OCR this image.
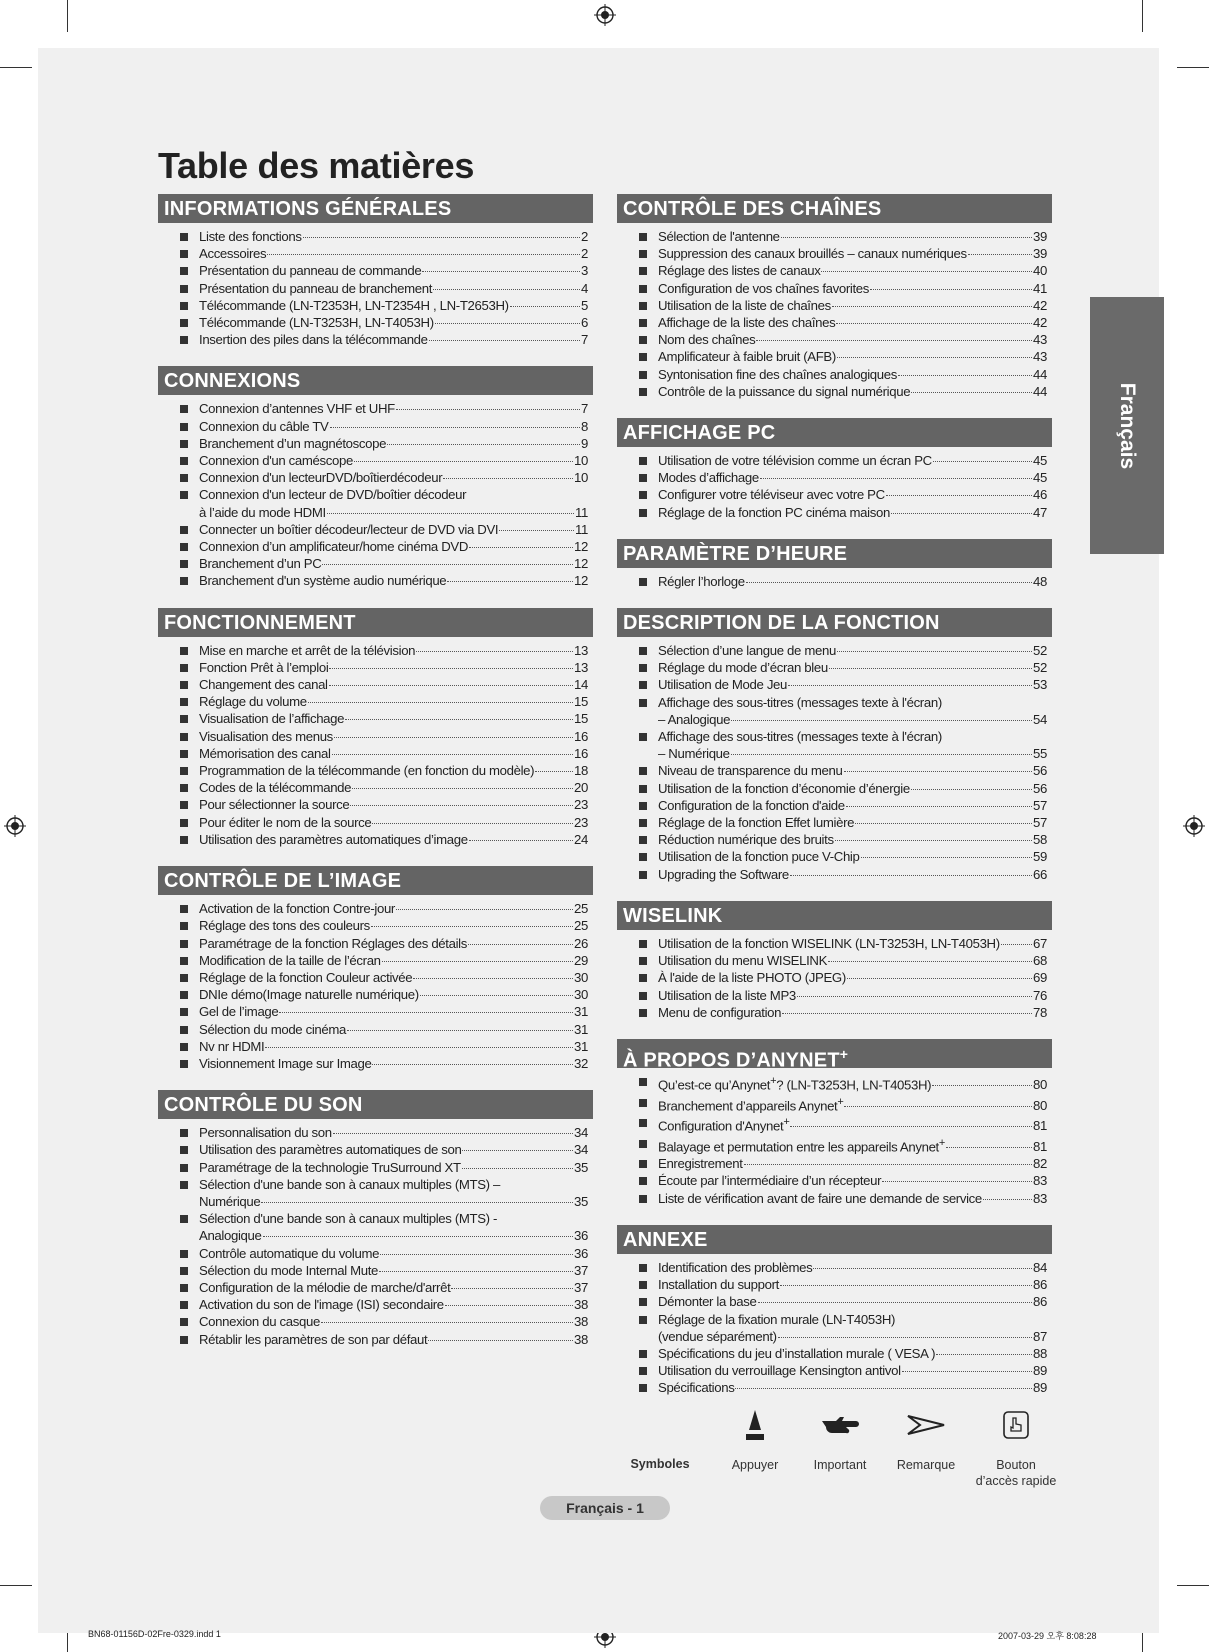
Table des matières
INFORMATIONS GÉNÉRALES
Liste des fonctions	2
Accessoires	2
Présentation du panneau de commande	3
Présentation du panneau de branchement	4
Télécommande (LN-T2353H, LN-T2354H , LN-T2653H)	5
Télécommande (LN-T3253H, LN-T4053H)	6
Insertion des piles dans la télécommande	7
CONNEXIONS
Connexion d’antennes VHF et UHF	7
Connexion du câble TV	8
Branchement d’un magnétoscope	9
Connexion d'un caméscope	10
Connexion d'un lecteurDVD/boîtierdécodeur	10
Connexion d'un lecteur de DVD/boîtier décodeur
à l’aide du mode HDMI	11
Connecter un boîtier décodeur/lecteur de DVD via DVI	11
Connexion d’un amplificateur/home cinéma DVD	12
Branchement d’un PC	12
Branchement d'un système audio numérique	12
FONCTIONNEMENT
Mise en marche et arrêt de la télévision	13
Fonction Prêt à l’emploi	13
Changement des canal	14
Réglage du volume	15
Visualisation de l’affichage	15
Visualisation des menus	16
Mémorisation des canal	16
Programmation de la télécommande (en fonction du modèle)	18
Codes de la télécommande	20
Pour sélectionner la source	23
Pour éditer le nom de la source	23
Utilisation des paramètres automatiques d’image	24
CONTRÔLE DE L’IMAGE
Activation de la fonction Contre-jour	25
Réglage des tons des couleurs	25
Paramétrage de la fonction Réglages des détails	26
Modification de la taille de l’écran	29
Réglage de la fonction Couleur activée	30
DNIe démo(Image naturelle numérique)	30
Gel de l’image	31
Sélection du mode cinéma	31
Nv nr HDMI	31
Visionnement Image sur Image	32
CONTRÔLE DU SON
Personnalisation du son	34
Utilisation des paramètres automatiques de son	34
Paramétrage de la technologie TruSurround XT	35
Sélection d'une bande son à canaux multiples (MTS) –
Numérique	35
Sélection d'une bande son à canaux multiples (MTS) -
Analogique	36
Contrôle automatique du volume	36
Sélection du mode Internal Mute	37
Configuration de la mélodie de marche/d'arrêt	37
Activation du son de l'image (ISI) secondaire	38
Connexion du casque	38
Rétablir les paramètres de son par défaut	38
CONTRÔLE DES CHAÎNES
Sélection de l'antenne	39
Suppression des canaux brouillés – canaux numériques	39
Réglage des listes de canaux	40
Configuration de vos chaînes favorites	41
Utilisation de la liste de chaînes	42
Affichage de la liste des chaînes	42
Nom des chaînes	43
Amplificateur à faible bruit (AFB)	43
Syntonisation fine des chaînes analogiques	44
Contrôle de la puissance du signal numérique	44
AFFICHAGE PC
Utilisation de votre télévision comme un écran PC	45
Modes d’affichage	45
Configurer votre téléviseur avec votre PC	46
Réglage de la fonction PC cinéma maison	47
PARAMÈTRE D’HEURE
Régler l’horloge	48
DESCRIPTION DE LA FONCTION
Sélection d’une langue de menu	52
Réglage du mode d’écran bleu	52
Utilisation de Mode Jeu	53
Affichage des sous-titres (messages texte à l'écran)
– Analogique	54
Affichage des sous-titres (messages texte à l'écran)
– Numérique	55
Niveau de transparence du menu	56
Utilisation de la fonction d’économie d’énergie	56
Configuration de la fonction d'aide	57
Réglage de la fonction Effet lumière	57
Réduction numérique des bruits	58
Utilisation de la fonction puce V-Chip	59
Upgrading the Software	66
WISELINK
Utilisation de la fonction WISELINK (LN-T3253H, LN-T4053H)	67
Utilisation du menu WISELINK	68
À l'aide de la liste PHOTO (JPEG)	69
Utilisation de la liste MP3	76
Menu de configuration	78
À PROPOS D’ANYNET+
Qu’est-ce qu’Anynet+? (LN-T3253H, LN-T4053H)	80
Branchement d’appareils Anynet+	80
Configuration d'Anynet+	81
Balayage et permutation entre les appareils Anynet+	81
Enregistrement	82
Écoute par l’intermédiaire d’un récepteur	83
Liste de vérification avant de faire une demande de service	83
ANNEXE
Identification des problèmes	84
Installation du support	86
Démonter la base	86
Réglage de la fixation murale (LN-T4053H)
(vendue séparément)	87
Spécifications du jeu d’installation murale ( VESA )	88
Utilisation du verrouillage Kensington antivol	89
Spécifications	89
Français
Symboles	Appuyer	Important	Remarque	Bouton
d’accès rapide
Français - 1
BN68-01156D-02Fre-0329.indd 1	2007-03-29 오후 8:08:28
